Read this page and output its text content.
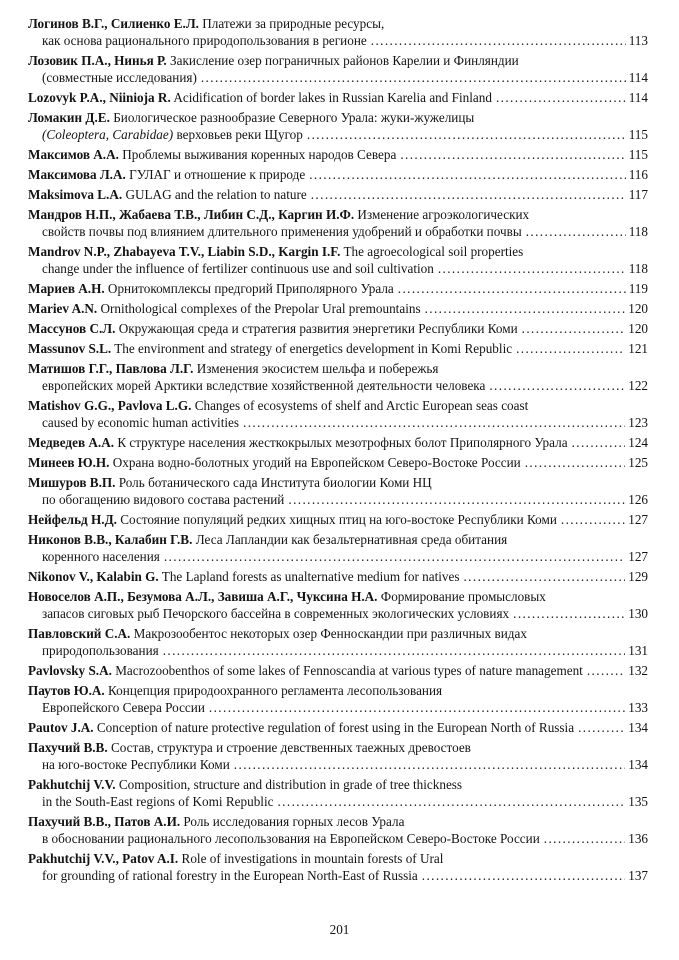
Логинов В.Г., Силиенко Е.Л. Платежи за природные ресурсы,
как основа рационального природопользования в регионе .....	113
Лозовик П.А., Нинья Р. Закисление озер пограничных районов Карелии и Финляндии
(совместные исследования) .....	114
Lozovyk P.A., Niinioja R. Acidification of border lakes in Russian Karelia and Finland .....	114
Ломакин Д.Е. Биологическое разнообразие Северного Урала: жуки-жужелицы
(Coleoptera, Carabidae) верховьев реки Щугор .....	115
Максимов А.А. Проблемы выживания коренных народов Севера .....	115
Максимова Л.А. ГУЛАГ и отношение к природе .....	116
Maksimova L.A. GULAG and the relation to nature .....	117
Мандров Н.П., Жабаева Т.В., Либин С.Д., Каргин И.Ф. Изменение агроэкологических
свойств почвы под влиянием длительного применения удобрений и обработки почвы .....	118
Mandrov N.P., Zhabayeva T.V., Liabin S.D., Kargin I.F. The agroecological soil properties
change under the influence of fertilizer continuous use and soil cultivation .....	118
Мариев А.Н. Орнитокомплексы предгорий Приполярного Урала .....	119
Mariev A.N. Ornithological complexes of the Prepolar Ural premountains .....	120
Массунов С.Л. Окружающая среда и стратегия развития энергетики Республики Коми .....	120
Massunov S.L. The environment and strategy of energetics development in Komi Republic .....	121
Матишов Г.Г., Павлова Л.Г. Изменения экосистем шельфа и побережья
европейских морей Арктики вследствие хозяйственной деятельности человека .....	122
Matishov G.G., Pavlova L.G. Changes of ecosystems of shelf and Arctic European seas coast
caused by economic human activities .....	123
Медведев А.А. К структуре населения жесткокрылых мезотрофных болот Приполярного Урала .....	124
Минеев Ю.Н. Охрана водно-болотных угодий на Европейском Северо-Востоке России .....	125
Мишуров В.П. Роль ботанического сада Института биологии Коми НЦ
по обогащению видового состава растений .....	126
Нейфельд Н.Д. Состояние популяций редких хищных птиц на юго-востоке Республики Коми .....	127
Никонов В.В., Калабин Г.В. Леса Лапландии как безальтернативная среда обитания
коренного населения .....	127
Nikonov V., Kalabin G. The Lapland forests as unalternative medium for natives .....	129
Новоселов А.П., Безумова А.Л., Завиша А.Г., Чуксина Н.А. Формирование промысловых
запасов сиговых рыб Печорского бассейна в современных экологических условиях .....	130
Павловский С.А. Макрозообентос некоторых озер Фенноскандии при различных видах
природопользования .....	131
Pavlovsky S.A. Macrozoobenthos of some lakes of Fennoscandia at various types of nature management .....	132
Паутов Ю.А. Концепция природоохранного регламента лесопользования
Европейского Севера России .....	133
Pautov J.A. Conception of nature protective regulation of forest using in the European North of Russia .....	134
Пахучий В.В. Состав, структура и строение девственных таежных древостоев
на юго-востоке Республики Коми .....	134
Pakhutchij V.V. Composition, structure and distribution in grade of tree thickness
in the South-East regions of Komi Republic .....	135
Пахучий В.В., Патов А.И. Роль исследования горных лесов Урала
в обосновании рационального лесопользования на Европейском Северо-Востоке России .....	136
Pakhutchij V.V., Patov A.I. Role of investigations in mountain forests of Ural
for grounding of rational forestry in the European North-East of Russia .....	137
201
